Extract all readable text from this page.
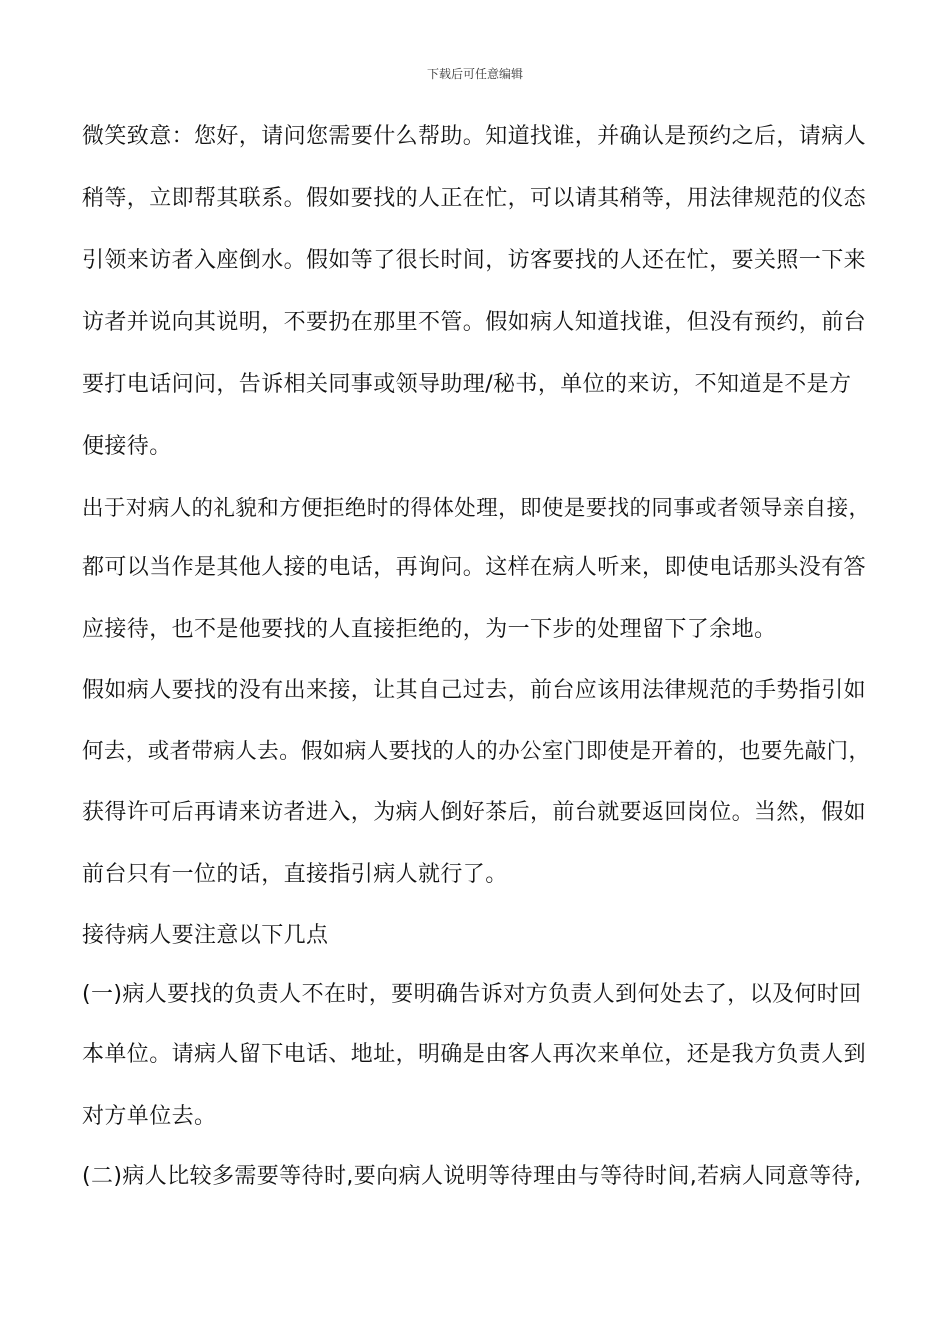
下载后可任意编辑
微笑致意：您好，请问您需要什么帮助。知道找谁，并确认是预约之后，请病人
稍等，立即帮其联系。假如要找的人正在忙，可以请其稍等，用法律规范的仪态
引领来访者入座倒水。假如等了很长时间，访客要找的人还在忙，要关照一下来
访者并说向其说明，不要扔在那里不管。假如病人知道找谁，但没有预约，前台
要打电话问问，告诉相关同事或领导助理/秘书，单位的来访，不知道是不是方
便接待。
出于对病人的礼貌和方便拒绝时的得体处理，即使是要找的同事或者领导亲自接，
都可以当作是其他人接的电话，再询问。这样在病人听来，即使电话那头没有答
应接待，也不是他要找的人直接拒绝的，为一下步的处理留下了余地。
假如病人要找的没有出来接，让其自己过去，前台应该用法律规范的手势指引如
何去，或者带病人去。假如病人要找的人的办公室门即使是开着的，也要先敲门，
获得许可后再请来访者进入，为病人倒好茶后，前台就要返回岗位。当然，假如
前台只有一位的话，直接指引病人就行了。
接待病人要注意以下几点
(一)病人要找的负责人不在时，要明确告诉对方负责人到何处去了，以及何时回
本单位。请病人留下电话、地址，明确是由客人再次来单位，还是我方负责人到
对方单位去。
(二)病人比较多需要等待时,要向病人说明等待理由与等待时间,若病人同意等待,
